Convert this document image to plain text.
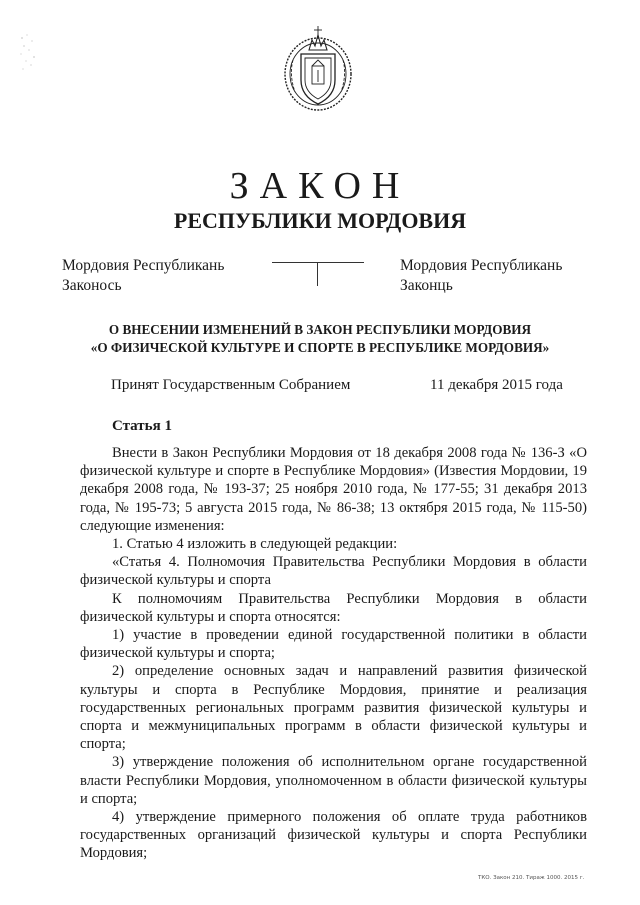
ЗАКОН
РЕСПУБЛИКИ МОРДОВИЯ
Мордовия Республикань
Законось
Мордовия Республикань
Законць
О ВНЕСЕНИИ ИЗМЕНЕНИЙ В ЗАКОН РЕСПУБЛИКИ МОРДОВИЯ
«О ФИЗИЧЕСКОЙ КУЛЬТУРЕ И СПОРТЕ В РЕСПУБЛИКЕ МОРДОВИЯ»
Принят Государственным Собранием	11 декабря 2015 года
Статья 1

Внести в Закон Республики Мордовия от 18 декабря 2008 года № 136-З «О физической культуре и спорте в Республике Мордовия» (Известия Мордовии, 19 декабря 2008 года, № 193-37; 25 ноября 2010 года, № 177-55; 31 декабря 2013 года, № 195-73; 5 августа 2015 года, № 86-38; 13 октября 2015 года, № 115-50) следующие изменения:

1. Статью 4 изложить в следующей редакции:

«Статья 4. Полномочия Правительства Республики Мордовия в области физической культуры и спорта

К полномочиям Правительства Республики Мордовия в области физической культуры и спорта относятся:

1) участие в проведении единой государственной политики в области физической культуры и спорта;

2) определение основных задач и направлений развития физической культуры и спорта в Республике Мордовия, принятие и реализация государственных региональных программ развития физической культуры и спорта и межмуниципальных программ в области физической культуры и спорта;

3) утверждение положения об исполнительном органе государственной власти Республики Мордовия, уполномоченном в области физической культуры и спорта;

4) утверждение примерного положения об оплате труда работников государственных организаций физической культуры и спорта Республики Мордовия;

ТКО. Закон 210. Тираж 1000. 2015 г.
